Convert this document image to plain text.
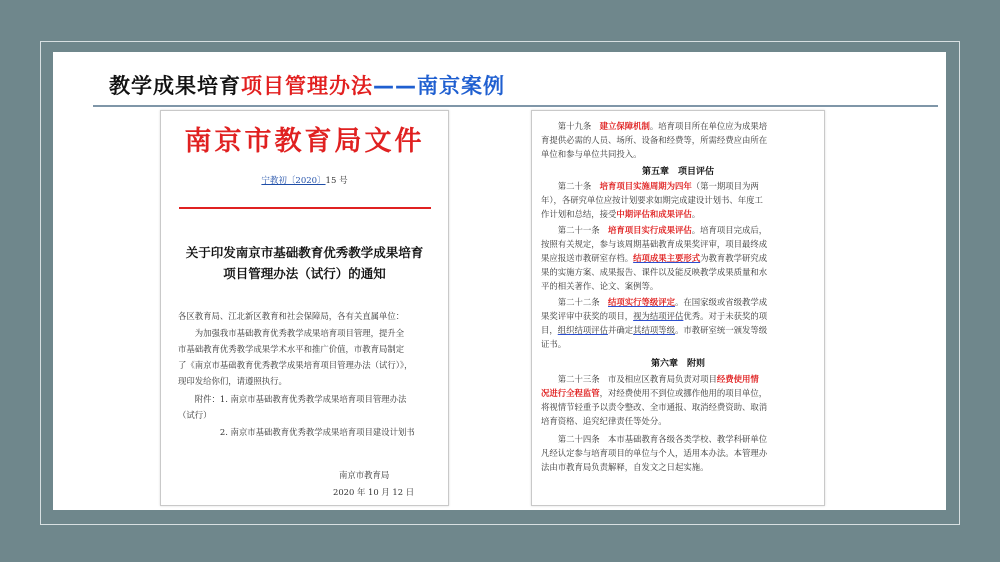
教学成果培育项目管理办法——南京案例
南京市教育局文件
宁教初〔2020〕15 号
关于印发南京市基础教育优秀教学成果培育
项目管理办法（试行）的通知
各区教育局、江北新区教育和社会保障局，各有关直属单位：
　　为加强我市基础教育优秀教学成果培育项目管理，提升全
市基础教育优秀教学成果学术水平和推广价值，市教育局制定
了《南京市基础教育优秀教学成果培育项目管理办法（试行）》，
现印发给你们，请遵照执行。
　　附件：1. 南京市基础教育优秀教学成果培育项目管理办法
（试行）
　　　　　2. 南京市基础教育优秀教学成果培育项目建设计划书
南京市教育局
2020 年 10 月 12 日
　　第十九条　建立保障机制。培育项目所在单位应为成果培
育提供必需的人员、场所、设备和经费等，所需经费应由所在
单位和参与单位共同投入。
第五章　项目评估
　　第二十条　培育项目实施周期为四年（第一期项目为两
年），各研究单位应按计划要求如期完成建设计划书、年度工
作计划和总结，接受中期评估和成果评估。
　　第二十一条　培育项目实行成果评估。培育项目完成后，
按照有关规定，参与该周期基础教育成果奖评审，项目最终成
果应报送市教研室存档。结项成果主要形式为教育教学研究成
果的实施方案、成果报告、课件以及能反映教学成果质量和水
平的相关著作、论文、案例等。
　　第二十二条　结项实行等级评定。在国家级或省级教学成
果奖评审中获奖的项目，视为结项评估优秀。对于未获奖的项
目，组织结项评估并确定其结项等级。市教研室统一颁发等级
证书。
第六章　附则
　　第二十三条　市及相应区教育局负责对项目经费使用情
况进行全程监管，对经费使用不到位或挪作他用的项目单位，
将视情节轻重予以责令整改、全市通报、取消经费资助、取消
培育资格、追究纪律责任等处分。
　　第二十四条　本市基础教育各级各类学校、教学科研单位
凡经认定参与培育项目的单位与个人，适用本办法。本管理办
法由市教育局负责解释，自发文之日起实施。
